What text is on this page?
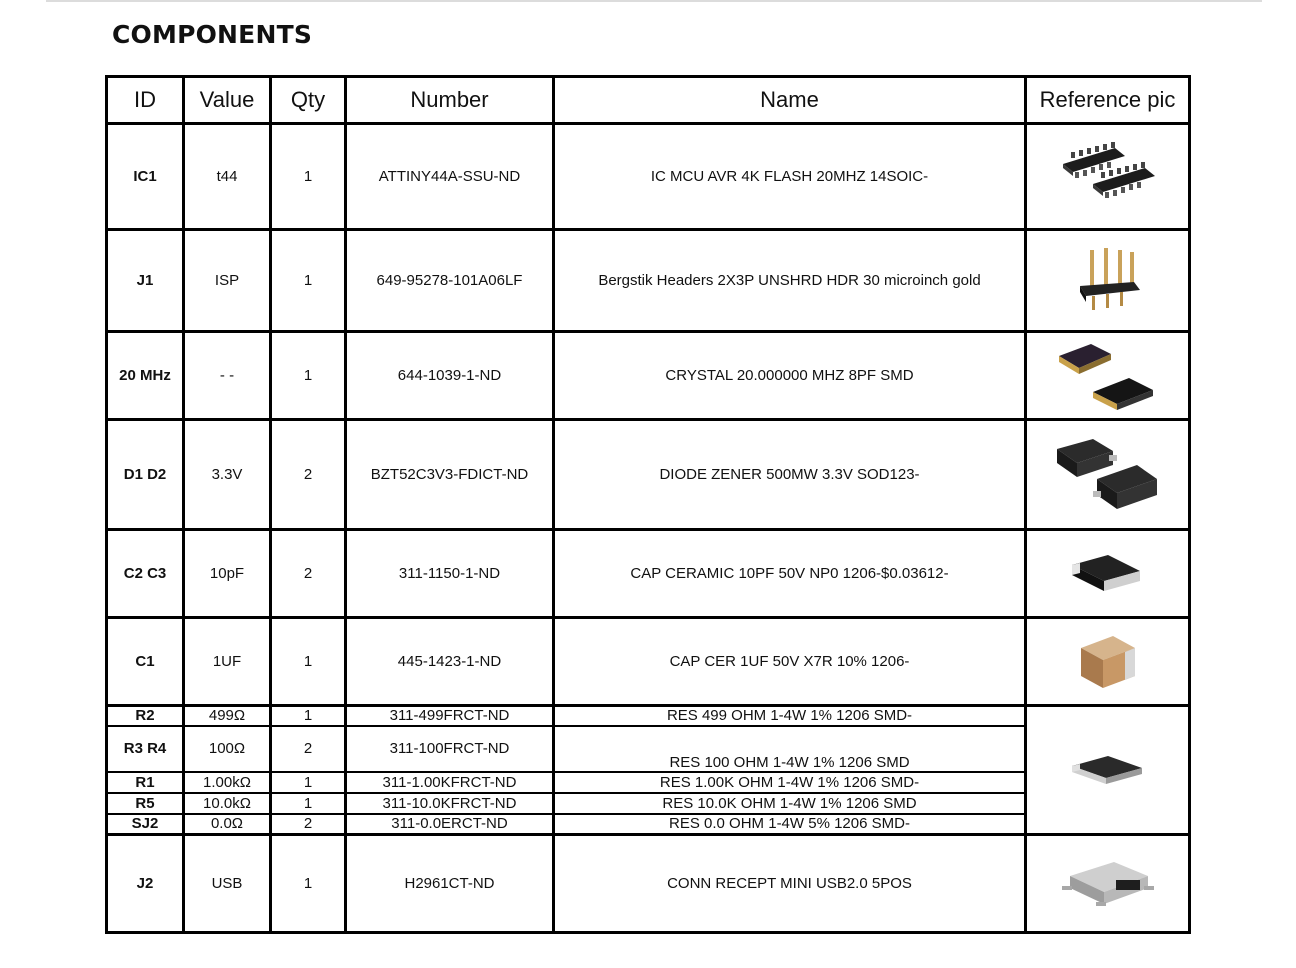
COMPONENTS
ID	Value	Qty	Number	Name	Reference pic
IC1	t44	1	ATTINY44A-SSU-ND	IC MCU AVR 4K FLASH 20MHZ 14SOIC-	

J1	ISP	1	649-95278-101A06LF	Bergstik Headers 2X3P UNSHRD HDR 30 microinch gold	

20 MHz	- -	1	644-1039-1-ND	CRYSTAL 20.000000 MHZ 8PF SMD	

D1 D2	3.3V	2	BZT52C3V3-FDICT-ND	DIODE ZENER 500MW 3.3V SOD123-	

C2 C3	10pF	2	311-1150-1-ND	CAP CERAMIC 10PF 50V NP0 1206-$0.03612-	

C1	1UF	1	445-1423-1-ND	CAP CER 1UF 50V X7R 10% 1206-	

R2	499Ω	1	311-499FRCT-ND	RES 499 OHM 1-4W 1% 1206 SMD-	

R3 R4	100Ω	2	311-100FRCT-ND	RES 100 OHM 1-4W 1% 1206 SMD	
R1	1.00kΩ	1	311-1.00KFRCT-ND	RES 1.00K OHM 1-4W 1% 1206 SMD-	
R5	10.0kΩ	1	311-10.0KFRCT-ND	RES 10.0K OHM 1-4W 1% 1206 SMD	
SJ2	0.0Ω	2	311-0.0ERCT-ND	RES 0.0 OHM 1-4W 5% 1206 SMD-	
J2	USB	1	H2961CT-ND	CONN RECEPT MINI USB2.0 5POS	
